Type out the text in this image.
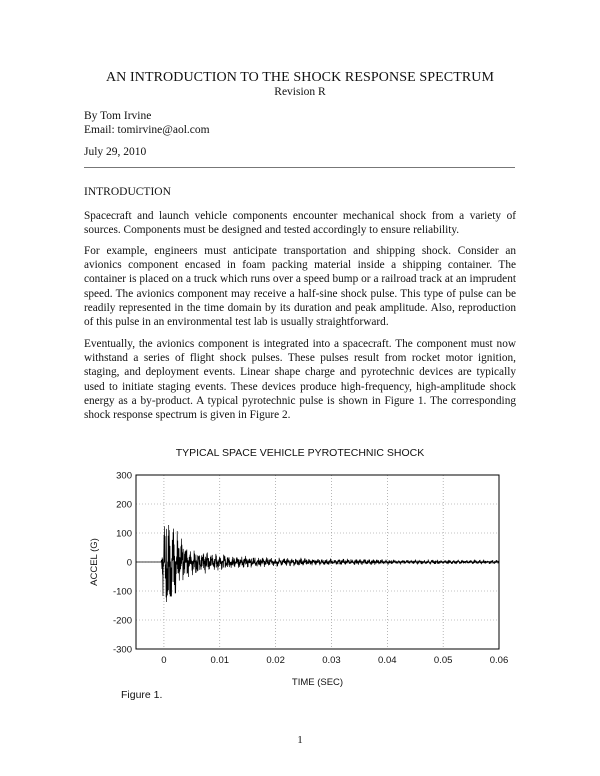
AN INTRODUCTION TO THE SHOCK RESPONSE SPECTRUM
Revision R
By Tom Irvine
Email: tomirvine@aol.com
July 29, 2010
INTRODUCTION
Spacecraft and launch vehicle components encounter mechanical shock from a variety of sources. Components must be designed and tested accordingly to ensure reliability.
For example, engineers must anticipate transportation and shipping shock. Consider an avionics component encased in foam packing material inside a shipping container. The container is placed on a truck which runs over a speed bump or a railroad track at an imprudent speed. The avionics component may receive a half-sine shock pulse. This type of pulse can be readily represented in the time domain by its duration and peak amplitude. Also, reproduction of this pulse in an environmental test lab is usually straightforward.
Eventually, the avionics component is integrated into a spacecraft. The component must now withstand a series of flight shock pulses. These pulses result from rocket motor ignition, staging, and deployment events. Linear shape charge and pyrotechnic devices are typically used to initiate staging events. These devices produce high-frequency, high-amplitude shock energy as a by-product. A typical pyrotechnic pulse is shown in Figure 1. The corresponding shock response spectrum is given in Figure 2.
TYPICAL SPACE VEHICLE PYROTECHNIC SHOCK
0	0.01	0.02	0.03	0.04	0.05	0.06
300
200
100
0
-100
-200
-300
TIME (SEC)
ACCEL (G)
Figure 1.
1
